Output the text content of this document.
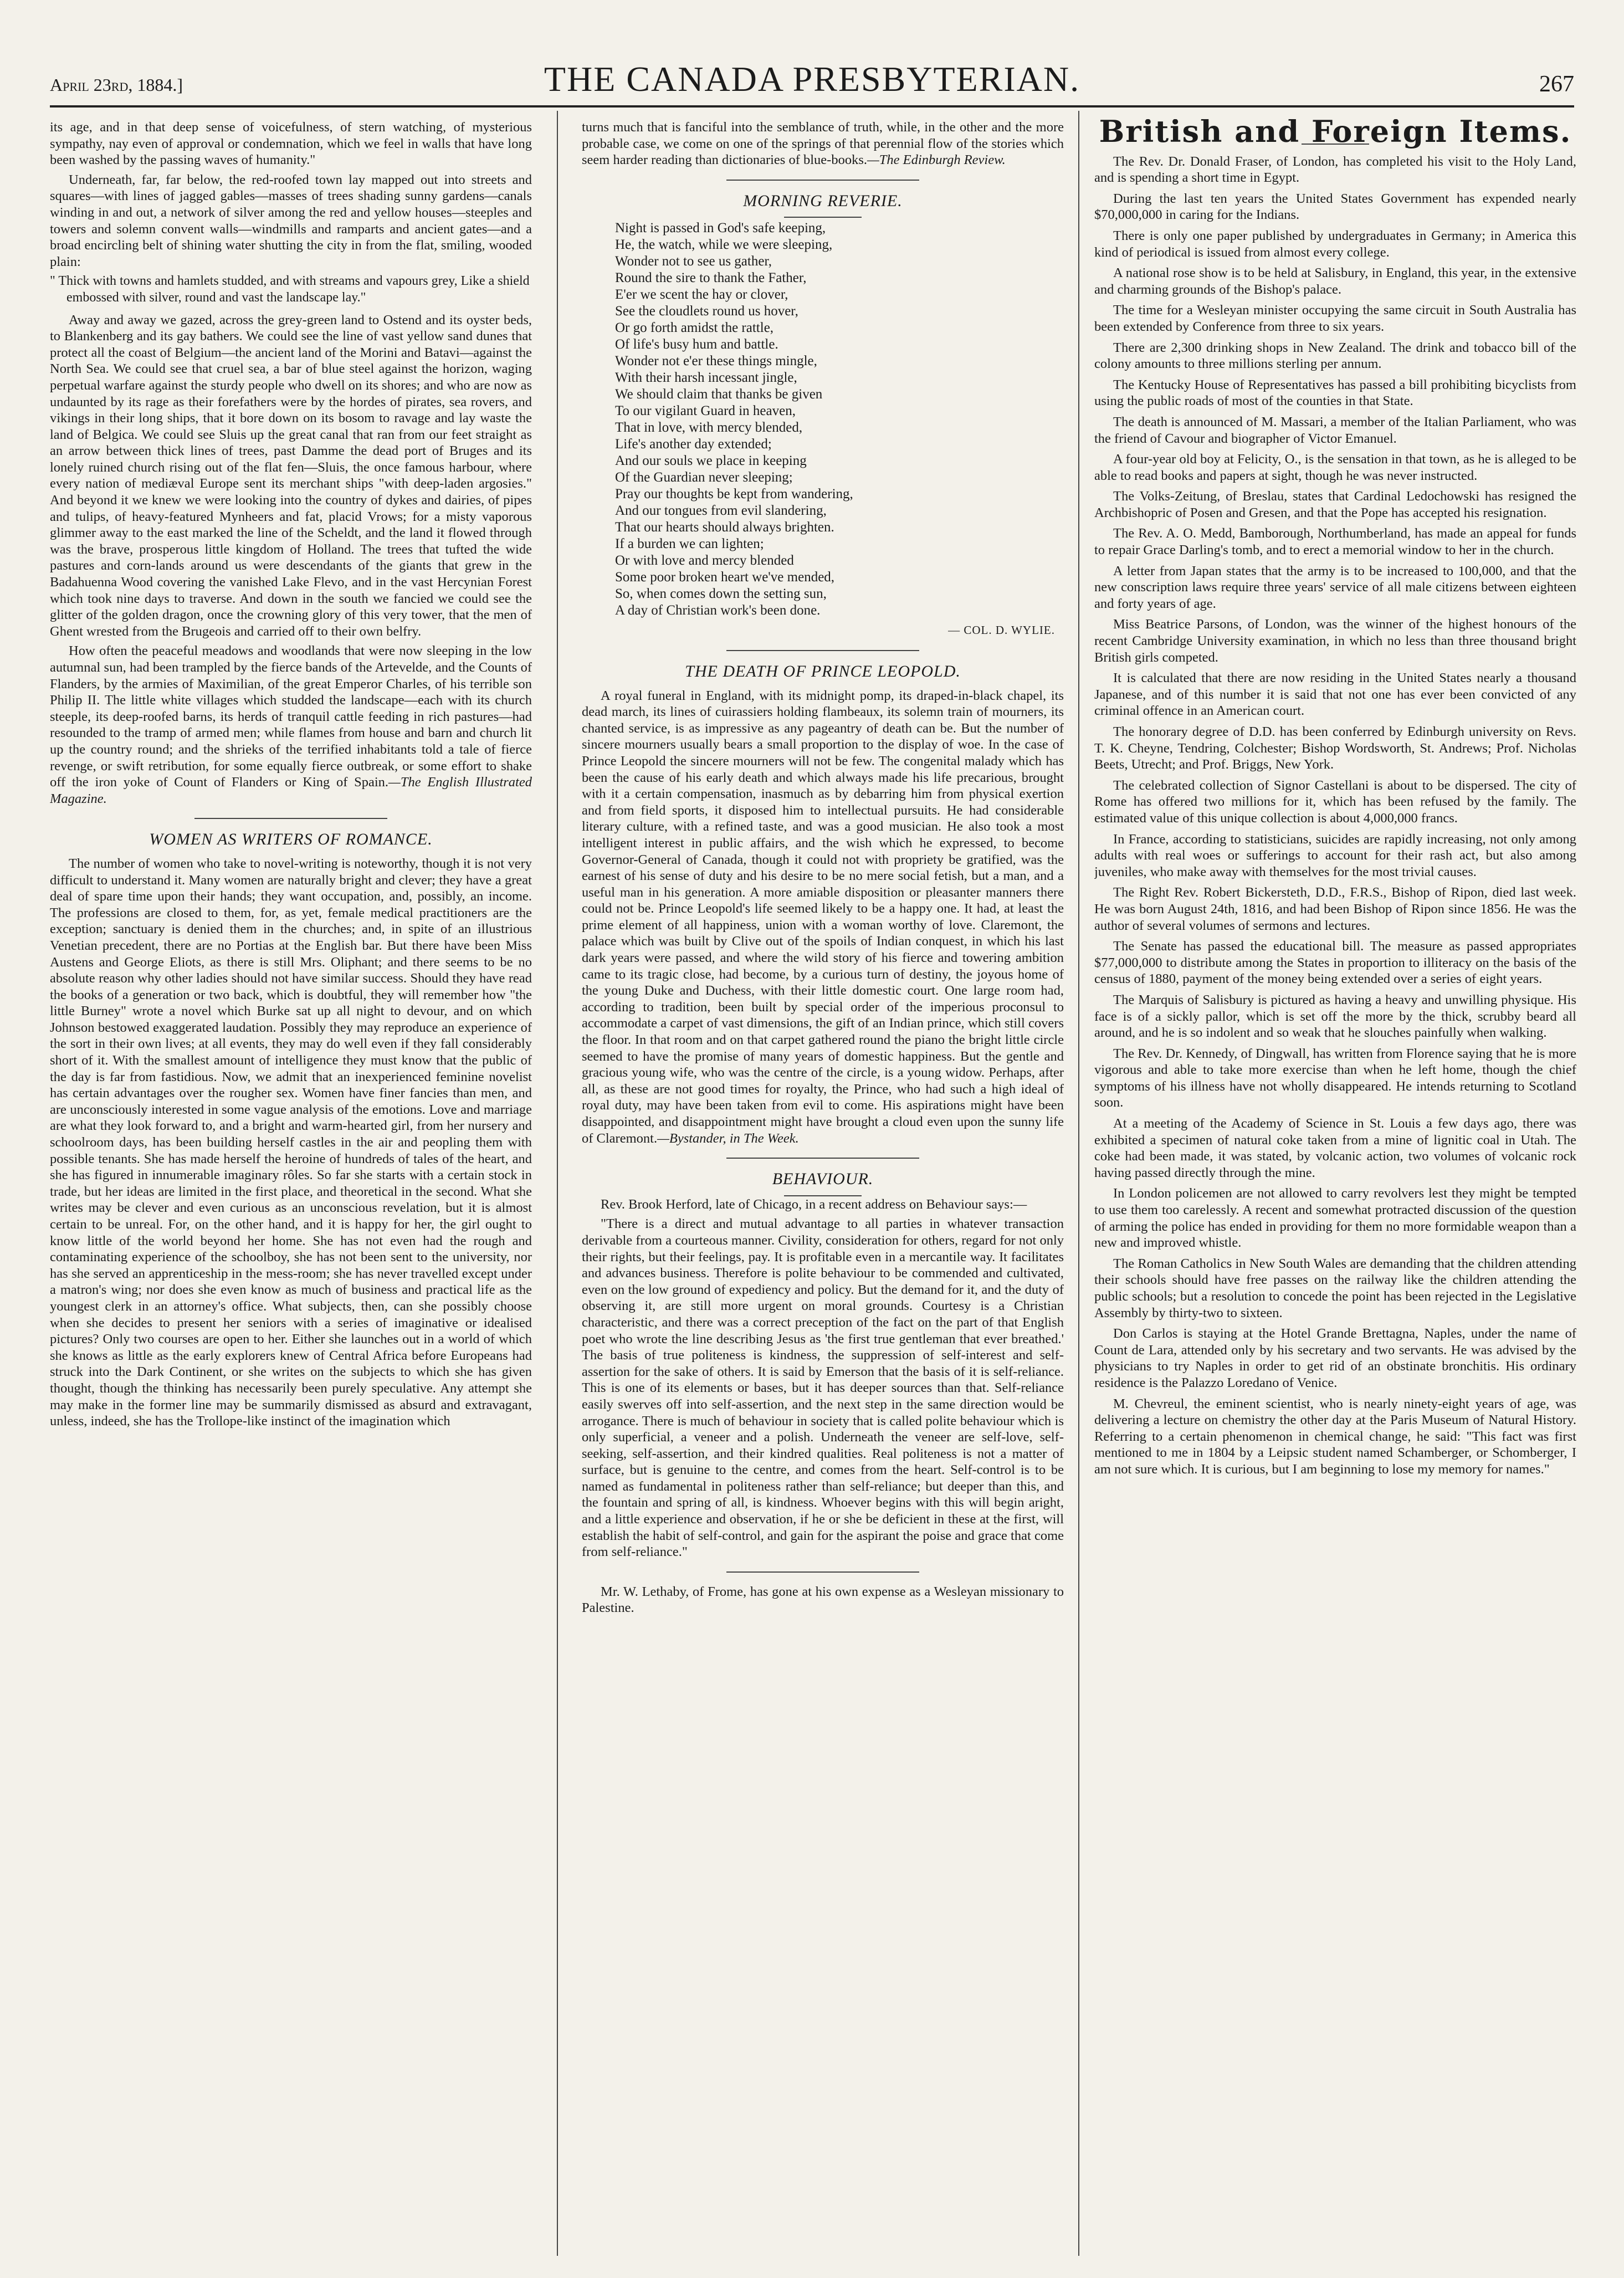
April 23rd, 1884.]	THE CANADA PRESBYTERIAN.	267

its age, and in that deep sense of voicefulness, of stern watching, of mysterious sympathy, nay even of approval or condemnation, which we feel in walls that have long been washed by the passing waves of humanity."

Underneath, far, far below, the red-roofed town lay mapped out into streets and squares—with lines of jagged gables—masses of trees shading sunny gardens—canals winding in and out, a network of silver among the red and yellow houses—steeples and towers and solemn convent walls—windmills and ramparts and ancient gates—and a broad encircling belt of shining water shutting the city in from the flat, smiling, wooded plain:

" Thick with towns and hamlets studded, and with streams and vapours grey, Like a shield embossed with silver, round and vast the landscape lay."

Away and away we gazed, across the grey-green land to Ostend and its oyster beds, to Blankenberg and its gay bathers. We could see the line of vast yellow sand dunes that protect all the coast of Belgium—the ancient land of the Morini and Batavi—against the North Sea. We could see that cruel sea, a bar of blue steel against the horizon, waging perpetual warfare against the sturdy people who dwell on its shores; and who are now as undaunted by its rage as their forefathers were by the hordes of pirates, sea rovers, and vikings in their long ships, that it bore down on its bosom to ravage and lay waste the land of Belgica. We could see Sluis up the great canal that ran from our feet straight as an arrow between thick lines of trees, past Damme the dead port of Bruges and its lonely ruined church rising out of the flat fen—Sluis, the once famous harbour, where every nation of mediæval Europe sent its merchant ships "with deep-laden argosies." And beyond it we knew we were looking into the country of dykes and dairies, of pipes and tulips, of heavy-featured Mynheers and fat, placid Vrows; for a misty vaporous glimmer away to the east marked the line of the Scheldt, and the land it flowed through was the brave, prosperous little kingdom of Holland. The trees that tufted the wide pastures and corn-lands around us were descendants of the giants that grew in the Badahuenna Wood covering the vanished Lake Flevo, and in the vast Hercynian Forest which took nine days to traverse. And down in the south we fancied we could see the glitter of the golden dragon, once the crowning glory of this very tower, that the men of Ghent wrested from the Brugeois and carried off to their own belfry.

How often the peaceful meadows and woodlands that were now sleeping in the low autumnal sun, had been trampled by the fierce bands of the Artevelde, and the Counts of Flanders, by the armies of Maximilian, of the great Emperor Charles, of his terrible son Philip II. The little white villages which studded the landscape—each with its church steeple, its deep-roofed barns, its herds of tranquil cattle feeding in rich pastures—had resounded to the tramp of armed men; while flames from house and barn and church lit up the country round; and the shrieks of the terrified inhabitants told a tale of fierce revenge, or swift retribution, for some equally fierce outbreak, or some effort to shake off the iron yoke of Count of Flanders or King of Spain.—The English Illustrated Magazine.

WOMEN AS WRITERS OF ROMANCE.

The number of women who take to novel-writing is noteworthy, though it is not very difficult to understand it. Many women are naturally bright and clever; they have a great deal of spare time upon their hands; they want occupation, and, possibly, an income. The professions are closed to them, for, as yet, female medical practitioners are the exception; sanctuary is denied them in the churches; and, in spite of an illustrious Venetian precedent, there are no Portias at the English bar. But there have been Miss Austens and George Eliots, as there is still Mrs. Oliphant; and there seems to be no absolute reason why other ladies should not have similar success. Should they have read the books of a generation or two back, which is doubtful, they will remember how "the little Burney" wrote a novel which Burke sat up all night to devour, and on which Johnson bestowed exaggerated laudation. Possibly they may reproduce an experience of the sort in their own lives; at all events, they may do well even if they fall considerably short of it. With the smallest amount of intelligence they must know that the public of the day is far from fastidious. Now, we admit that an inexperienced feminine novelist has certain advantages over the rougher sex. Women have finer fancies than men, and are unconsciously interested in some vague analysis of the emotions. Love and marriage are what they look forward to, and a bright and warm-hearted girl, from her nursery and schoolroom days, has been building herself castles in the air and peopling them with possible tenants. She has made herself the heroine of hundreds of tales of the heart, and she has figured in innumerable imaginary rôles. So far she starts with a certain stock in trade, but her ideas are limited in the first place, and theoretical in the second. What she writes may be clever and even curious as an unconscious revelation, but it is almost certain to be unreal. For, on the other hand, and it is happy for her, the girl ought to know little of the world beyond her home. She has not even had the rough and contaminating experience of the schoolboy, she has not been sent to the university, nor has she served an apprenticeship in the mess-room; she has never travelled except under a matron's wing; nor does she even know as much of business and practical life as the youngest clerk in an attorney's office. What subjects, then, can she possibly choose when she decides to present her seniors with a series of imaginative or idealised pictures? Only two courses are open to her. Either she launches out in a world of which she knows as little as the early explorers knew of Central Africa before Europeans had struck into the Dark Continent, or she writes on the subjects to which she has given thought, though the thinking has necessarily been purely speculative. Any attempt she may make in the former line may be summarily dismissed as absurd and extravagant, unless, indeed, she has the Trollope-like instinct of the imagination which

turns much that is fanciful into the semblance of truth, while, in the other and the more probable case, we come on one of the springs of that perennial flow of the stories which seem harder reading than dictionaries of blue-books.—The Edinburgh Review.

MORNING REVERIE.
Night is passed in God's safe keeping,
He, the watch, while we were sleeping,
Wonder not to see us gather,
Round the sire to thank the Father,
E'er we scent the hay or clover,
See the cloudlets round us hover,
Or go forth amidst the rattle,
Of life's busy hum and battle.
Wonder not e'er these things mingle,
With their harsh incessant jingle,
We should claim that thanks be given
To our vigilant Guard in heaven,
That in love, with mercy blended,
Life's another day extended;
And our souls we place in keeping
Of the Guardian never sleeping;
Pray our thoughts be kept from wandering,
And our tongues from evil slandering,
That our hearts should always brighten.
If a burden we can lighten;
Or with love and mercy blended
Some poor broken heart we've mended,
So, when comes down the setting sun,
A day of Christian work's been done.
— COL. D. WYLIE.
THE DEATH OF PRINCE LEOPOLD.

A royal funeral in England, with its midnight pomp, its draped-in-black chapel, its dead march, its lines of cuirassiers holding flambeaux, its solemn train of mourners, its chanted service, is as impressive as any pageantry of death can be. But the number of sincere mourners usually bears a small proportion to the display of woe. In the case of Prince Leopold the sincere mourners will not be few. The congenital malady which has been the cause of his early death and which always made his life precarious, brought with it a certain compensation, inasmuch as by debarring him from physical exertion and from field sports, it disposed him to intellectual pursuits. He had considerable literary culture, with a refined taste, and was a good musician. He also took a most intelligent interest in public affairs, and the wish which he expressed, to become Governor-General of Canada, though it could not with propriety be gratified, was the earnest of his sense of duty and his desire to be no mere social fetish, but a man, and a useful man in his generation. A more amiable disposition or pleasanter manners there could not be. Prince Leopold's life seemed likely to be a happy one. It had, at least the prime element of all happiness, union with a woman worthy of love. Claremont, the palace which was built by Clive out of the spoils of Indian conquest, in which his last dark years were passed, and where the wild story of his fierce and towering ambition came to its tragic close, had become, by a curious turn of destiny, the joyous home of the young Duke and Duchess, with their little domestic court. One large room had, according to tradition, been built by special order of the imperious proconsul to accommodate a carpet of vast dimensions, the gift of an Indian prince, which still covers the floor. In that room and on that carpet gathered round the piano the bright little circle seemed to have the promise of many years of domestic happiness. But the gentle and gracious young wife, who was the centre of the circle, is a young widow. Perhaps, after all, as these are not good times for royalty, the Prince, who had such a high ideal of royal duty, may have been taken from evil to come. His aspirations might have been disappointed, and disappointment might have brought a cloud even upon the sunny life of Claremont.—Bystander, in The Week.

BEHAVIOUR.

Rev. Brook Herford, late of Chicago, in a recent address on Behaviour says:—

"There is a direct and mutual advantage to all parties in whatever transaction derivable from a courteous manner. Civility, consideration for others, regard for not only their rights, but their feelings, pay. It is profitable even in a mercantile way. It facilitates and advances business. Therefore is polite behaviour to be commended and cultivated, even on the low ground of expediency and policy. But the demand for it, and the duty of observing it, are still more urgent on moral grounds. Courtesy is a Christian characteristic, and there was a correct preception of the fact on the part of that English poet who wrote the line describing Jesus as 'the first true gentleman that ever breathed.' The basis of true politeness is kindness, the suppression of self-interest and self-assertion for the sake of others. It is said by Emerson that the basis of it is self-reliance. This is one of its elements or bases, but it has deeper sources than that. Self-reliance easily swerves off into self-assertion, and the next step in the same direction would be arrogance. There is much of behaviour in society that is called polite behaviour which is only superficial, a veneer and a polish. Underneath the veneer are self-love, self-seeking, self-assertion, and their kindred qualities. Real politeness is not a matter of surface, but is genuine to the centre, and comes from the heart. Self-control is to be named as fundamental in politeness rather than self-reliance; but deeper than this, and the fountain and spring of all, is kindness. Whoever begins with this will begin aright, and a little experience and observation, if he or she be deficient in these at the first, will establish the habit of self-control, and gain for the aspirant the poise and grace that come from self-reliance."

Mr. W. Lethaby, of Frome, has gone at his own expense as a Wesleyan missionary to Palestine.

British and Foreign Items.

The Rev. Dr. Donald Fraser, of London, has completed his visit to the Holy Land, and is spending a short time in Egypt.

During the last ten years the United States Government has expended nearly $70,000,000 in caring for the Indians.

There is only one paper published by undergraduates in Germany; in America this kind of periodical is issued from almost every college.

A national rose show is to be held at Salisbury, in England, this year, in the extensive and charming grounds of the Bishop's palace.

The time for a Wesleyan minister occupying the same circuit in South Australia has been extended by Conference from three to six years.

There are 2,300 drinking shops in New Zealand. The drink and tobacco bill of the colony amounts to three millions sterling per annum.

The Kentucky House of Representatives has passed a bill prohibiting bicyclists from using the public roads of most of the counties in that State.

The death is announced of M. Massari, a member of the Italian Parliament, who was the friend of Cavour and biographer of Victor Emanuel.

A four-year old boy at Felicity, O., is the sensation in that town, as he is alleged to be able to read books and papers at sight, though he was never instructed.

The Volks-Zeitung, of Breslau, states that Cardinal Ledochowski has resigned the Archbishopric of Posen and Gresen, and that the Pope has accepted his resignation.

The Rev. A. O. Medd, Bamborough, Northumberland, has made an appeal for funds to repair Grace Darling's tomb, and to erect a memorial window to her in the church.

A letter from Japan states that the army is to be increased to 100,000, and that the new conscription laws require three years' service of all male citizens between eighteen and forty years of age.

Miss Beatrice Parsons, of London, was the winner of the highest honours of the recent Cambridge University examination, in which no less than three thousand bright British girls competed.

It is calculated that there are now residing in the United States nearly a thousand Japanese, and of this number it is said that not one has ever been convicted of any criminal offence in an American court.

The honorary degree of D.D. has been conferred by Edinburgh university on Revs. T. K. Cheyne, Tendring, Colchester; Bishop Wordsworth, St. Andrews; Prof. Nicholas Beets, Utrecht; and Prof. Briggs, New York.

The celebrated collection of Signor Castellani is about to be dispersed. The city of Rome has offered two millions for it, which has been refused by the family. The estimated value of this unique collection is about 4,000,000 francs.

In France, according to statisticians, suicides are rapidly increasing, not only among adults with real woes or sufferings to account for their rash act, but also among juveniles, who make away with themselves for the most trivial causes.

The Right Rev. Robert Bickersteth, D.D., F.R.S., Bishop of Ripon, died last week. He was born August 24th, 1816, and had been Bishop of Ripon since 1856. He was the author of several volumes of sermons and lectures.

The Senate has passed the educational bill. The measure as passed appropriates $77,000,000 to distribute among the States in proportion to illiteracy on the basis of the census of 1880, payment of the money being extended over a series of eight years.

The Marquis of Salisbury is pictured as having a heavy and unwilling physique. His face is of a sickly pallor, which is set off the more by the thick, scrubby beard all around, and he is so indolent and so weak that he slouches painfully when walking.

The Rev. Dr. Kennedy, of Dingwall, has written from Florence saying that he is more vigorous and able to take more exercise than when he left home, though the chief symptoms of his illness have not wholly disappeared. He intends returning to Scotland soon.

At a meeting of the Academy of Science in St. Louis a few days ago, there was exhibited a specimen of natural coke taken from a mine of lignitic coal in Utah. The coke had been made, it was stated, by volcanic action, two volumes of volcanic rock having passed directly through the mine.

In London policemen are not allowed to carry revolvers lest they might be tempted to use them too carelessly. A recent and somewhat protracted discussion of the question of arming the police has ended in providing for them no more formidable weapon than a new and improved whistle.

The Roman Catholics in New South Wales are demanding that the children attending their schools should have free passes on the railway like the children attending the public schools; but a resolution to concede the point has been rejected in the Legislative Assembly by thirty-two to sixteen.

Don Carlos is staying at the Hotel Grande Brettagna, Naples, under the name of Count de Lara, attended only by his secretary and two servants. He was advised by the physicians to try Naples in order to get rid of an obstinate bronchitis. His ordinary residence is the Palazzo Loredano of Venice.

M. Chevreul, the eminent scientist, who is nearly ninety-eight years of age, was delivering a lecture on chemistry the other day at the Paris Museum of Natural History. Referring to a certain phenomenon in chemical change, he said: "This fact was first mentioned to me in 1804 by a Leipsic student named Schamberger, or Schomberger, I am not sure which. It is curious, but I am beginning to lose my memory for names."
